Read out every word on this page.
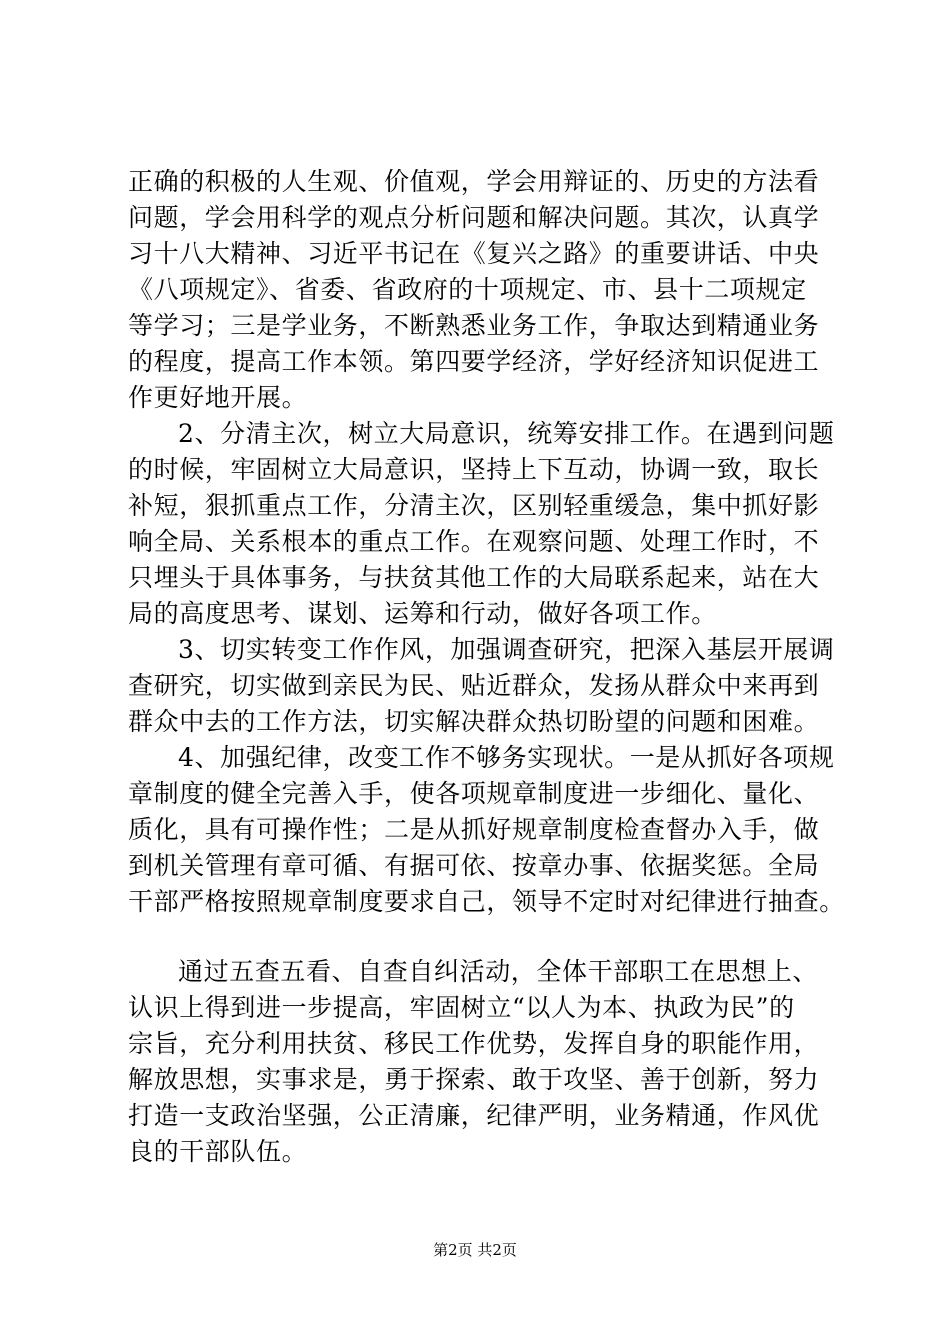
正确的积极的人生观、价值观，学会用辩证的、历史的方法看
问题，学会用科学的观点分析问题和解决问题。其次，认真学
习十八大精神、习近平书记在《复兴之路》的重要讲话、中央
《八项规定》、省委、省政府的十项规定、市、县十二项规定
等学习；三是学业务，不断熟悉业务工作，争取达到精通业务
的程度，提高工作本领。第四要学经济，学好经济知识促进工
作更好地开展。
2、分清主次，树立大局意识，统筹安排工作。在遇到问题
的时候，牢固树立大局意识，坚持上下互动，协调一致，取长
补短，狠抓重点工作，分清主次，区别轻重缓急，集中抓好影
响全局、关系根本的重点工作。在观察问题、处理工作时，不
只埋头于具体事务，与扶贫其他工作的大局联系起来，站在大
局的高度思考、谋划、运筹和行动，做好各项工作。
3、切实转变工作作风，加强调查研究，把深入基层开展调
查研究，切实做到亲民为民、贴近群众，发扬从群众中来再到
群众中去的工作方法，切实解决群众热切盼望的问题和困难。
4、加强纪律，改变工作不够务实现状。一是从抓好各项规
章制度的健全完善入手，使各项规章制度进一步细化、量化、
质化，具有可操作性；二是从抓好规章制度检查督办入手，做
到机关管理有章可循、有据可依、按章办事、依据奖惩。全局
干部严格按照规章制度要求自己，领导不定时对纪律进行抽查。
通过五查五看、自查自纠活动，全体干部职工在思想上、
认识上得到进一步提高，牢固树立“以人为本、执政为民”的
宗旨，充分利用扶贫、移民工作优势，发挥自身的职能作用，
解放思想，实事求是，勇于探索、敢于攻坚、善于创新，努力
打造一支政治坚强，公正清廉，纪律严明，业务精通，作风优
良的干部队伍。
第2页 共2页
